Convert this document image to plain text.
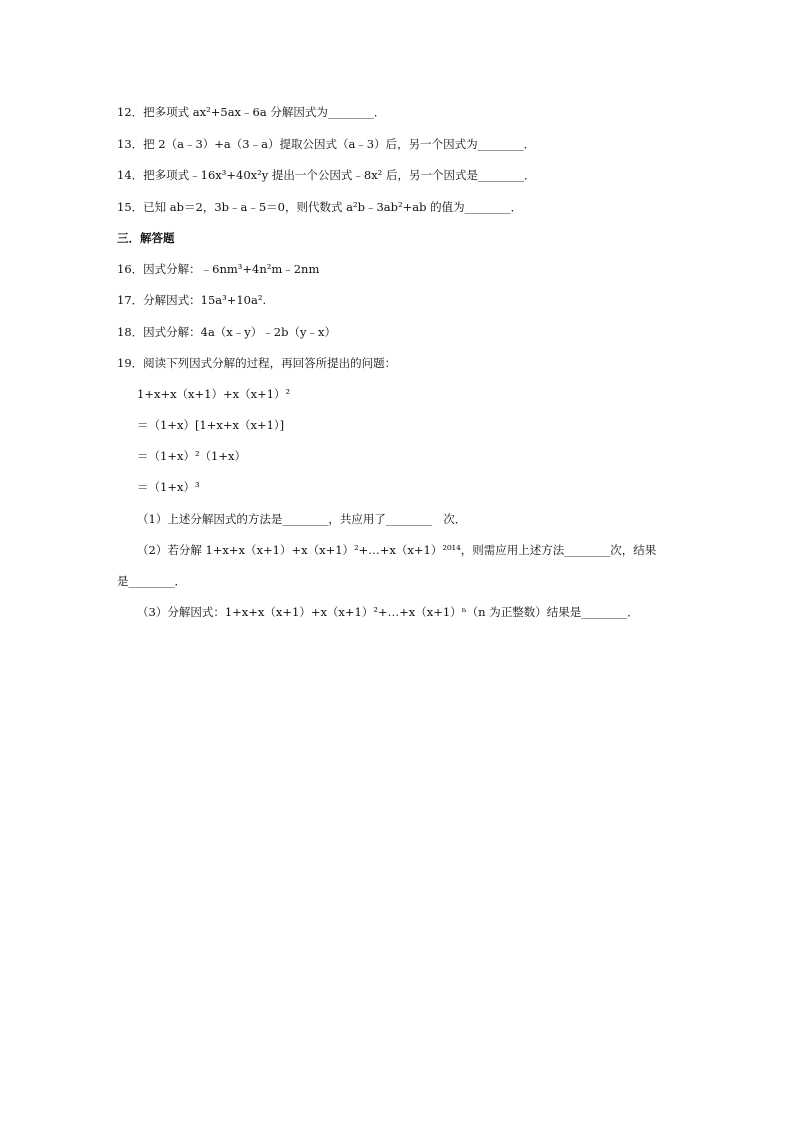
12．把多项式 ax²+5ax﹣6a 分解因式为________．
13．把 2（a﹣3）+a（3﹣a）提取公因式（a﹣3）后，另一个因式为________．
14．把多项式﹣16x³+40x²y 提出一个公因式﹣8x² 后，另一个因式是________．
15．已知 ab＝2，3b﹣a﹣5＝0，则代数式 a²b﹣3ab²+ab 的值为________．
三．解答题
16．因式分解：﹣6nm³+4n²m﹣2nm
17．分解因式：15a³+10a².
18．因式分解：4a（x﹣y）﹣2b（y﹣x）
19．阅读下列因式分解的过程，再回答所提出的问题：
1+x+x（x+1）+x（x+1）²
＝（1+x）[1+x+x（x+1）]
＝（1+x）²（1+x）
＝（1+x）³
（1）上述分解因式的方法是________，共应用了________　次．
（2）若分解 1+x+x（x+1）+x（x+1）²+…+x（x+1）²⁰¹⁴，则需应用上述方法________次，结果
是________．
（3）分解因式：1+x+x（x+1）+x（x+1）²+…+x（x+1）ⁿ（n 为正整数）结果是________．
